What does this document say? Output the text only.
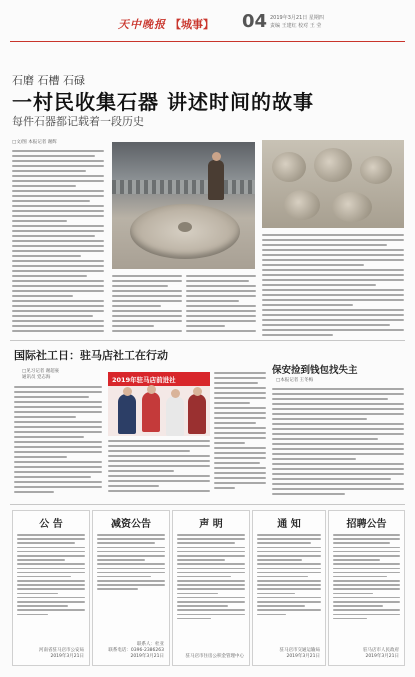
天中晚报 【城事】 04 2019年3月21日 星期四
责编 王建红 校对 王 莹
石磨 石槽 石碌
一村民收集石器 讲述时间的故事
每件石器都记载着一段历史
□文/图 本报记者 谢辉
国际社工日：驻马店社工在行动
□见习记者 谢超豪
通讯员 党志海	2019年驻马店前进社
保安捡到钱包找失主
□本报记者 王冬梅
公 告
河南省驻马店市公安局
2019年3月21日
减资公告
联系人：杜亚
联系电话：0396-2386263
2019年3月21日
声 明
驻马店市住房公积金管理中心
通 知
驻马店市交通运输局
2019年3月21日
招聘公告
驻马店市人民政府
2019年3月21日
